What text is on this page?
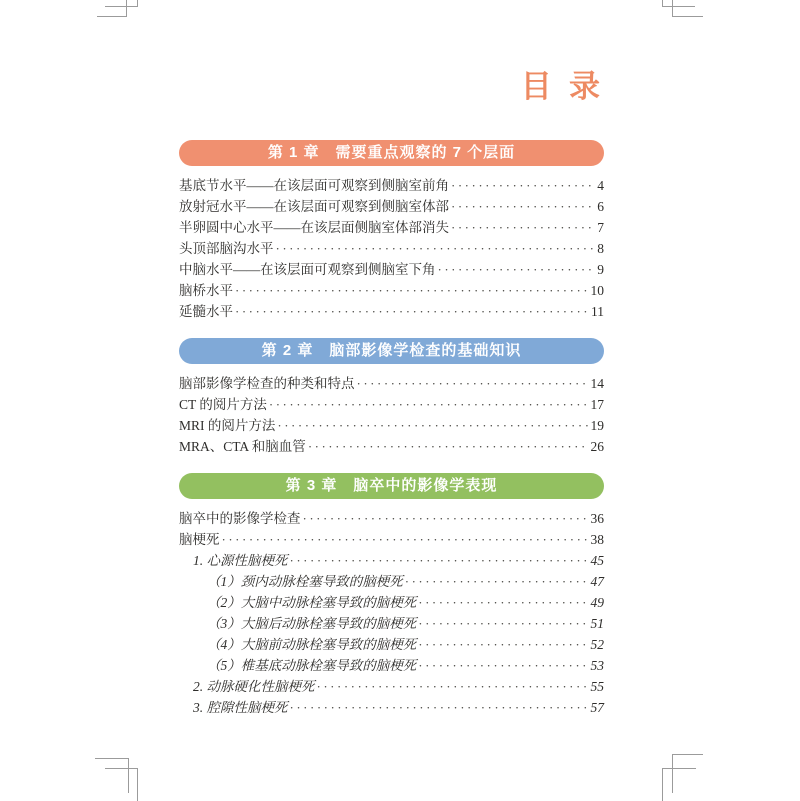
目  录
第 1 章　需要重点观察的 7 个层面
基底节水平——在该层面可观察到侧脑室前角 ·····	4
放射冠水平——在该层面可观察到侧脑室体部 ·····	6
半卵圆中心水平——在该层面侧脑室体部消失 ·····	7
头顶部脑沟水平 ·····	8
中脑水平——在该层面可观察到侧脑室下角 ·····	9
脑桥水平 ·····	10
延髓水平 ·····	11
第 2 章　脑部影像学检查的基础知识
脑部影像学检查的种类和特点 ·····	14
CT 的阅片方法 ·····	17
MRI 的阅片方法 ·····	19
MRA、CTA 和脑血管 ·····	26
第 3 章　脑卒中的影像学表现
脑卒中的影像学检查 ·····	36
脑梗死 ·····	38
1. 心源性脑梗死 ·····	45
（1）颈内动脉栓塞导致的脑梗死 ·····	47
（2）大脑中动脉栓塞导致的脑梗死 ·····	49
（3）大脑后动脉栓塞导致的脑梗死 ·····	51
（4）大脑前动脉栓塞导致的脑梗死 ·····	52
（5）椎基底动脉栓塞导致的脑梗死 ·····	53
2. 动脉硬化性脑梗死 ·····	55
3. 腔隙性脑梗死 ·····	57
